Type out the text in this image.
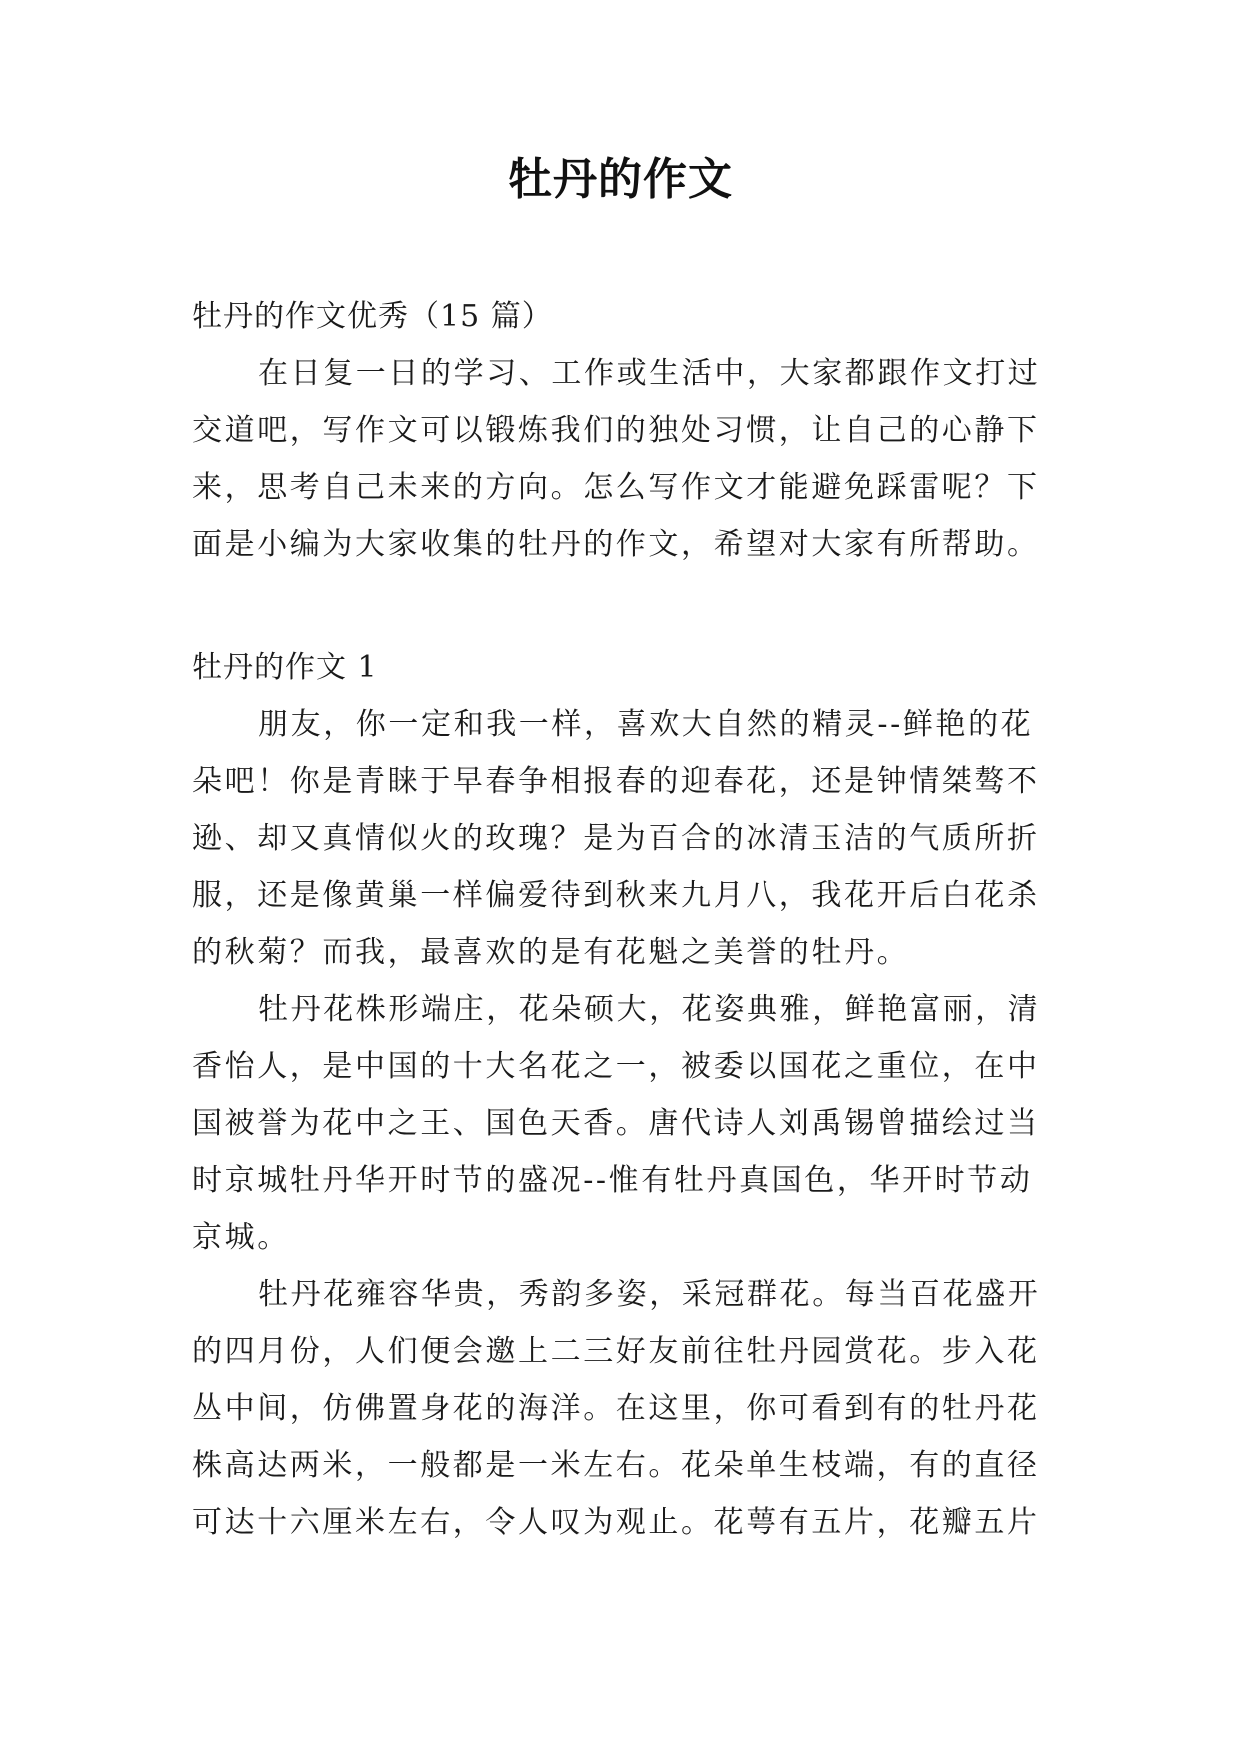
牡丹的作文
牡丹的作文优秀（15 篇）
在日复一日的学习、工作或生活中，大家都跟作文打过
交道吧，写作文可以锻炼我们的独处习惯，让自己的心静下
来，思考自己未来的方向。怎么写作文才能避免踩雷呢？下
面是小编为大家收集的牡丹的作文，希望对大家有所帮助。
牡丹的作文 1
朋友，你一定和我一样，喜欢大自然的精灵--鲜艳的花
朵吧！你是青睐于早春争相报春的迎春花，还是钟情桀骜不
逊、却又真情似火的玫瑰？是为百合的冰清玉洁的气质所折
服，还是像黄巢一样偏爱待到秋来九月八，我花开后白花杀
的秋菊？而我，最喜欢的是有花魁之美誉的牡丹。
牡丹花株形端庄，花朵硕大，花姿典雅，鲜艳富丽，清
香怡人，是中国的十大名花之一，被委以国花之重位，在中
国被誉为花中之王、国色天香。唐代诗人刘禹锡曾描绘过当
时京城牡丹华开时节的盛况--惟有牡丹真国色，华开时节动
京城。
牡丹花雍容华贵，秀韵多姿，采冠群花。每当百花盛开
的四月份，人们便会邀上二三好友前往牡丹园赏花。步入花
丛中间，仿佛置身花的海洋。在这里，你可看到有的牡丹花
株高达两米，一般都是一米左右。花朵单生枝端，有的直径
可达十六厘米左右，令人叹为观止。花萼有五片，花瓣五片
